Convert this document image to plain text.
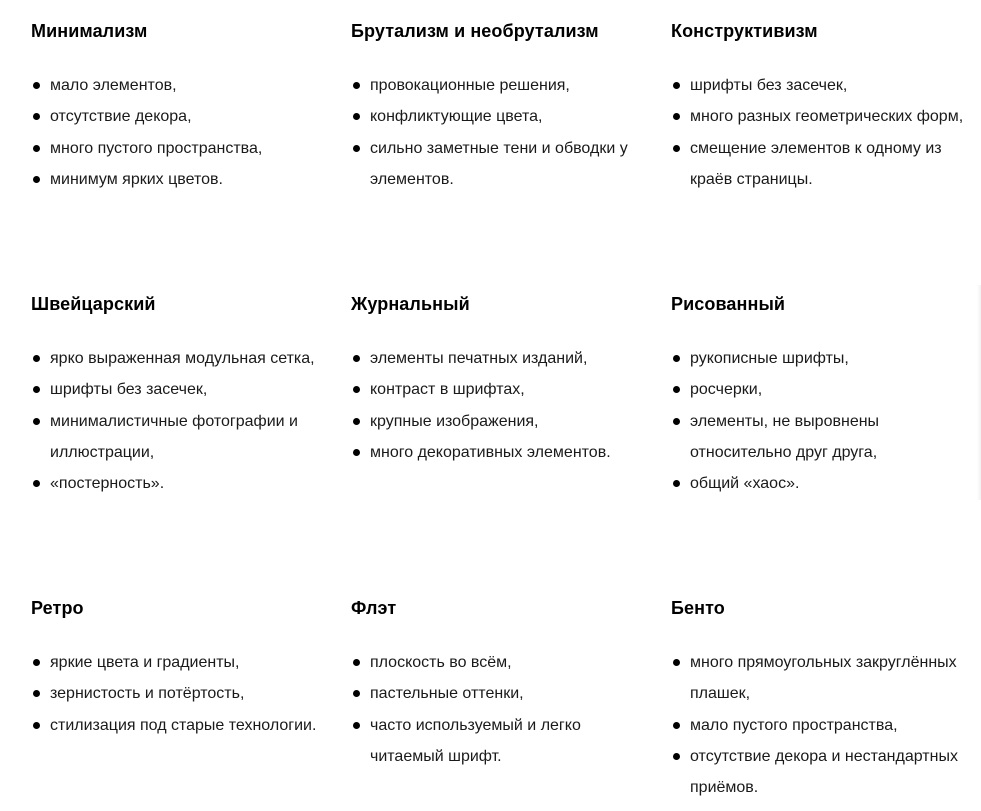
Минимализм
мало элементов,
отсутствие декора,
много пустого пространства,
минимум ярких цветов.
Брутализм и необрутализм
провокационные решения,
конфликтующие цвета,
сильно заметные тени и обводки у элементов.
Конструктивизм
шрифты без засечек,
много разных геометрических форм,
смещение элементов к одному из краёв страницы.
Швейцарский
ярко выраженная модульная сетка,
шрифты без засечек,
минималистичные фотографии и иллюстрации,
«постерность».
Журнальный
элементы печатных изданий,
контраст в шрифтах,
крупные изображения,
много декоративных элементов.
Рисованный
рукописные шрифты,
росчерки,
элементы, не выровнены относительно друг друга,
общий «хаос».
Ретро
яркие цвета и градиенты,
зернистость и потёртость,
стилизация под старые технологии.
Флэт
плоскость во всём,
пастельные оттенки,
часто используемый и легко читаемый шрифт.
Бенто
много прямоугольных закруглённых плашек,
мало пустого пространства,
отсутствие декора и нестандартных приёмов.
